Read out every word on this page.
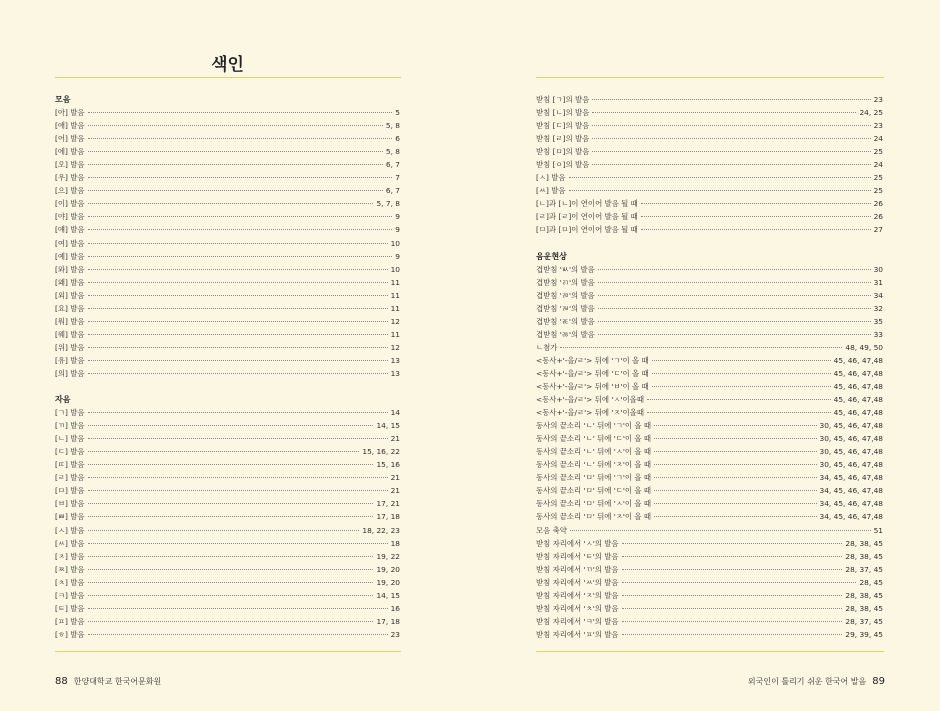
색인
모음
[아] 발음	5
[애] 발음	5, 8
[어] 발음	6
[에] 발음	5, 8
[오] 발음	6, 7
[우] 발음	7
[으] 발음	6, 7
[이] 발음	5, 7, 8
[야] 발음	9
[얘] 발음	9
[여] 발음	10
[예] 발음	9
[와] 발음	10
[왜] 발음	11
[외] 발음	11
[요] 발음	11
[워] 발음	12
[웨] 발음	11
[위] 발음	12
[유] 발음	13
[의] 발음	13
자음
[ㄱ] 발음	14
[ㄲ] 발음	14, 15
[ㄴ] 발음	21
[ㄷ] 발음	15, 16, 22
[ㄸ] 발음	15, 16
[ㄹ] 발음	21
[ㅁ] 발음	21
[ㅂ] 발음	17, 21
[ㅃ] 발음	17, 18
[ㅅ] 발음	18, 22, 23
[ㅆ] 발음	18
[ㅈ] 발음	19, 22
[ㅉ] 발음	19, 20
[ㅊ] 발음	19, 20
[ㅋ] 발음	14, 15
[ㅌ] 발음	16
[ㅍ] 발음	17, 18
[ㅎ] 발음	23
88 한양대학교 한국어문화원
받침 [ㄱ]의 발음	23
받침 [ㄴ]의 발음	24, 25
받침 [ㄷ]의 발음	23
받침 [ㄹ]의 발음	24
받침 [ㅁ]의 발음	25
받침 [ㅇ]의 발음	24
[ㅅ] 발음	25
[ㅆ] 발음	25
[ㄴ]과 [ㄴ]이 연이어 발음 될 때	26
[ㄹ]과 [ㄹ]이 연이어 발음 될 때	26
[ㅁ]과 [ㅁ]이 연이어 발음 될 때	27
음운현상
겹받침 'ㅄ'의 발음	30
겹받침 'ㄺ'의 발음	31
겹받침 'ㄻ'의 발음	34
겹받침 'ㄼ'의 발음	32
겹받침 'ㄾ'의 발음	35
겹받침 'ㅀ'의 발음	33
ㄴ첨가	48, 49, 50
<동사+'-을/ㄹ'> 뒤에 'ㄱ'이 올 때	45, 46, 47,48
<동사+'-을/ㄹ'> 뒤에 'ㄷ'이 올 때	45, 46, 47,48
<동사+'-을/ㄹ'> 뒤에 'ㅂ'이 올 때	45, 46, 47,48
<동사+'-을/ㄹ'> 뒤에 'ㅅ'이올때	45, 46, 47,48
<동사+'-을/ㄹ'> 뒤에 'ㅈ'이올때	45, 46, 47,48
동사의 끝소리 'ㄴ' 뒤에 'ㄱ'이 올 때	30, 45, 46, 47,48
동사의 끝소리 'ㄴ' 뒤에 'ㄷ'이 올 때	30, 45, 46, 47,48
동사의 끝소리 'ㄴ' 뒤에 'ㅅ'이 올 때	30, 45, 46, 47,48
동사의 끝소리 'ㄴ' 뒤에 'ㅈ'이 올 때	30, 45, 46, 47,48
동사의 끝소리 'ㅁ' 뒤에 'ㄱ'이 올 때	34, 45, 46, 47,48
동사의 끝소리 'ㅁ' 뒤에 'ㄷ'이 올 때	34, 45, 46, 47,48
동사의 끝소리 'ㅁ' 뒤에 'ㅅ'이 올 때	34, 45, 46, 47,48
동사의 끝소리 'ㅁ' 뒤에 'ㅈ'이 올 때	34, 45, 46, 47,48
모음 축약	51
받침 자리에서 'ㅅ'의 발음	28, 38, 45
받침 자리에서 'ㅌ'의 발음	28, 38, 45
받침 자리에서 'ㄲ'의 발음	28, 37, 45
받침 자리에서 'ㅆ'의 발음	28, 45
받침 자리에서 'ㅈ'의 발음	28, 38, 45
받침 자리에서 'ㅊ'의 발음	28, 38, 45
받침 자리에서 'ㅋ'의 발음	28, 37, 45
받침 자리에서 'ㅍ'의 발음	29, 39, 45
외국인이 틀리기 쉬운 한국어 발음 89
